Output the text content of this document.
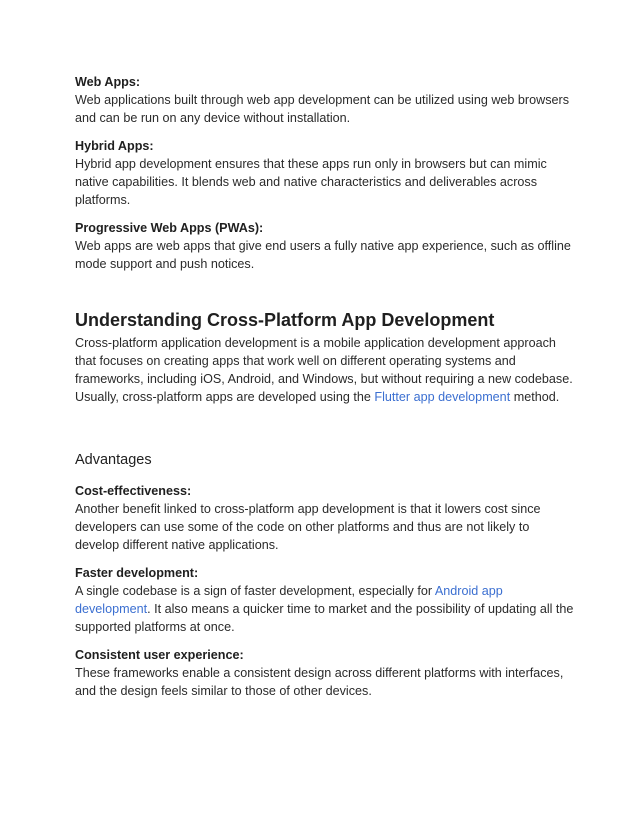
Web Apps:

Web applications built through web app development can be utilized using web browsers and can be run on any device without installation.

Hybrid Apps:

Hybrid app development ensures that these apps run only in browsers but can mimic native capabilities. It blends web and native characteristics and deliverables across platforms.

Progressive Web Apps (PWAs):

Web apps are web apps that give end users a fully native app experience, such as offline mode support and push notices.

Understanding Cross-Platform App Development

Cross-platform application development is a mobile application development approach that focuses on creating apps that work well on different operating systems and frameworks, including iOS, Android, and Windows, but without requiring a new codebase. Usually, cross-platform apps are developed using the Flutter app development method.

Advantages

Cost-effectiveness:

Another benefit linked to cross-platform app development is that it lowers cost since developers can use some of the code on other platforms and thus are not likely to develop different native applications.

Faster development:

A single codebase is a sign of faster development, especially for Android app development. It also means a quicker time to market and the possibility of updating all the supported platforms at once.

Consistent user experience:

These frameworks enable a consistent design across different platforms with interfaces, and the design feels similar to those of other devices.
